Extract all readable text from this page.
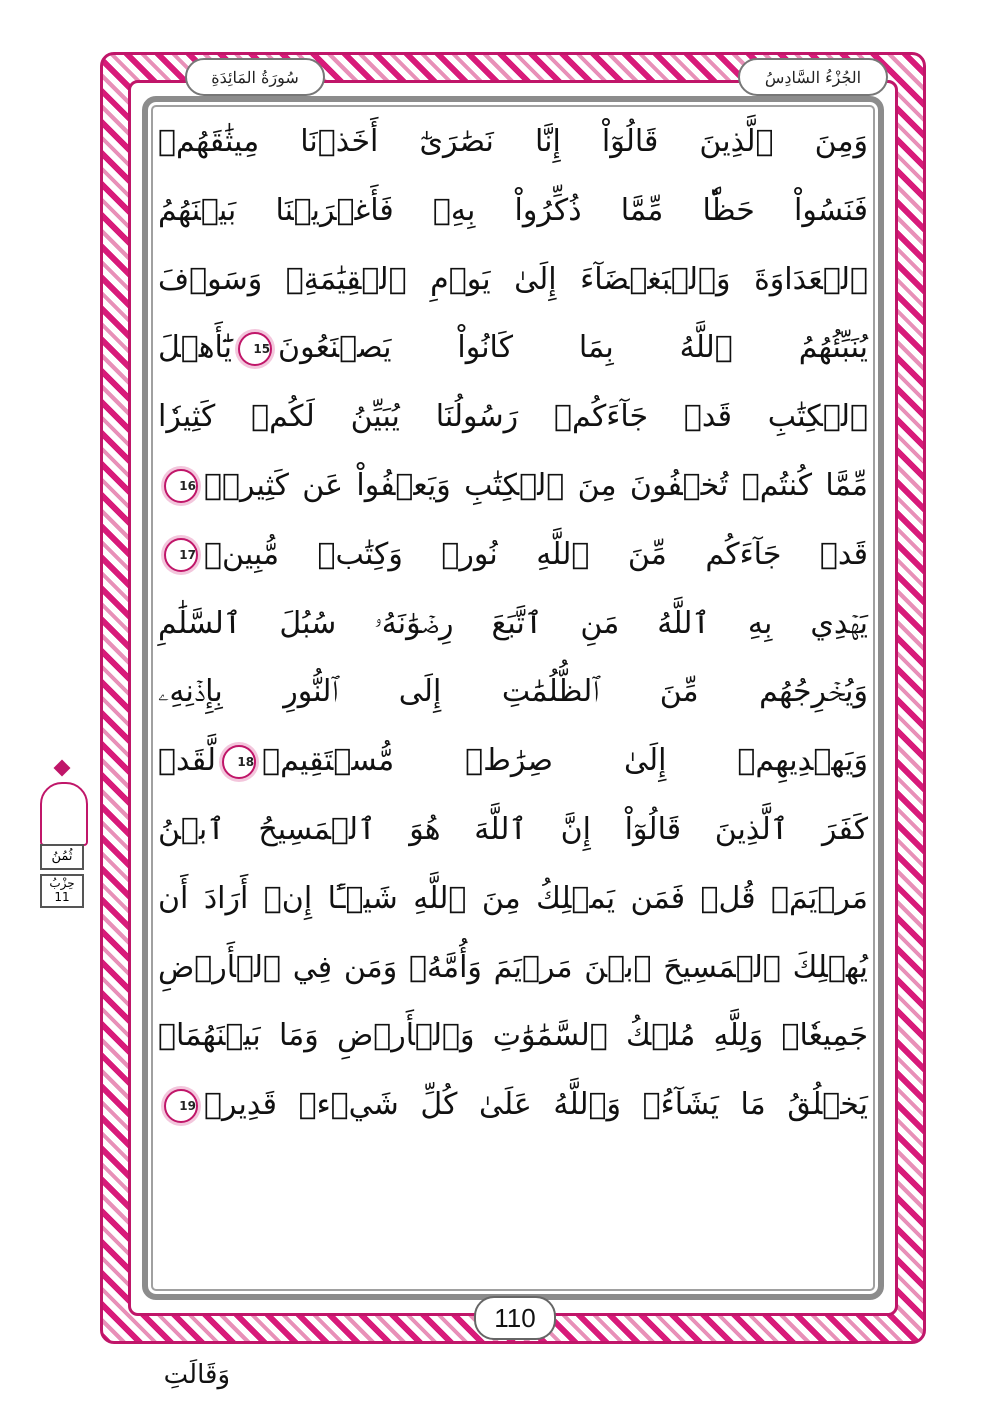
الجُزْءُ السَّادِسُ
سُورَةُ المَائِدَةِ
وَمِنَ ٱلَّذِينَ قَالُوٓاْ إِنَّا نَصَٰرَىٰٓ أَخَذۡنَا مِيثَٰقَهُمۡ
فَنَسُواْ حَظّٗا مِّمَّا ذُكِّرُواْ بِهِۦ فَأَغۡرَيۡنَا بَيۡنَهُمُ
ٱلۡعَدَاوَةَ وَٱلۡبَغۡضَآءَ إِلَىٰ يَوۡمِ ٱلۡقِيَٰمَةِۚ وَسَوۡفَ
يُنَبِّئُهُمُ ٱللَّهُ بِمَا كَانُواْ يَصۡنَعُونَ15يَٰٓأَهۡلَ
ٱلۡكِتَٰبِ قَدۡ جَآءَكُمۡ رَسُولُنَا يُبَيِّنُ لَكُمۡ كَثِيرٗا
مِّمَّا كُنتُمۡ تُخۡفُونَ مِنَ ٱلۡكِتَٰبِ وَيَعۡفُواْ عَن كَثِيرٖۚ16
قَدۡ جَآءَكُم مِّنَ ٱللَّهِ نُورٞ وَكِتَٰبٞ مُّبِينٞ17
يَهۡدِي بِهِ ٱللَّهُ مَنِ ٱتَّبَعَ رِضۡوَٰنَهُۥ سُبُلَ ٱلسَّلَٰمِ
وَيُخۡرِجُهُم مِّنَ ٱلظُّلُمَٰتِ إِلَى ٱلنُّورِ بِإِذۡنِهِۦ
وَيَهۡدِيهِمۡ إِلَىٰ صِرَٰطٖ مُّسۡتَقِيمٖ18لَّقَدۡ
كَفَرَ ٱلَّذِينَ قَالُوٓاْ إِنَّ ٱللَّهَ هُوَ ٱلۡمَسِيحُ ٱبۡنُ
مَرۡيَمَۚ قُلۡ فَمَن يَمۡلِكُ مِنَ ٱللَّهِ شَيۡـًٔا إِنۡ أَرَادَ أَن
يُهۡلِكَ ٱلۡمَسِيحَ ٱبۡنَ مَرۡيَمَ وَأُمَّهُۥ وَمَن فِي ٱلۡأَرۡضِ
جَمِيعٗاۗ وَلِلَّهِ مُلۡكُ ٱلسَّمَٰوَٰتِ وَٱلۡأَرۡضِ وَمَا بَيۡنَهُمَاۚ
يَخۡلُقُ مَا يَشَآءُۚ وَٱللَّهُ عَلَىٰ كُلِّ شَيۡءٖ قَدِيرٞ19
110
ثُمُنُ
حِزْبُ
11
وَقَالَتِ
